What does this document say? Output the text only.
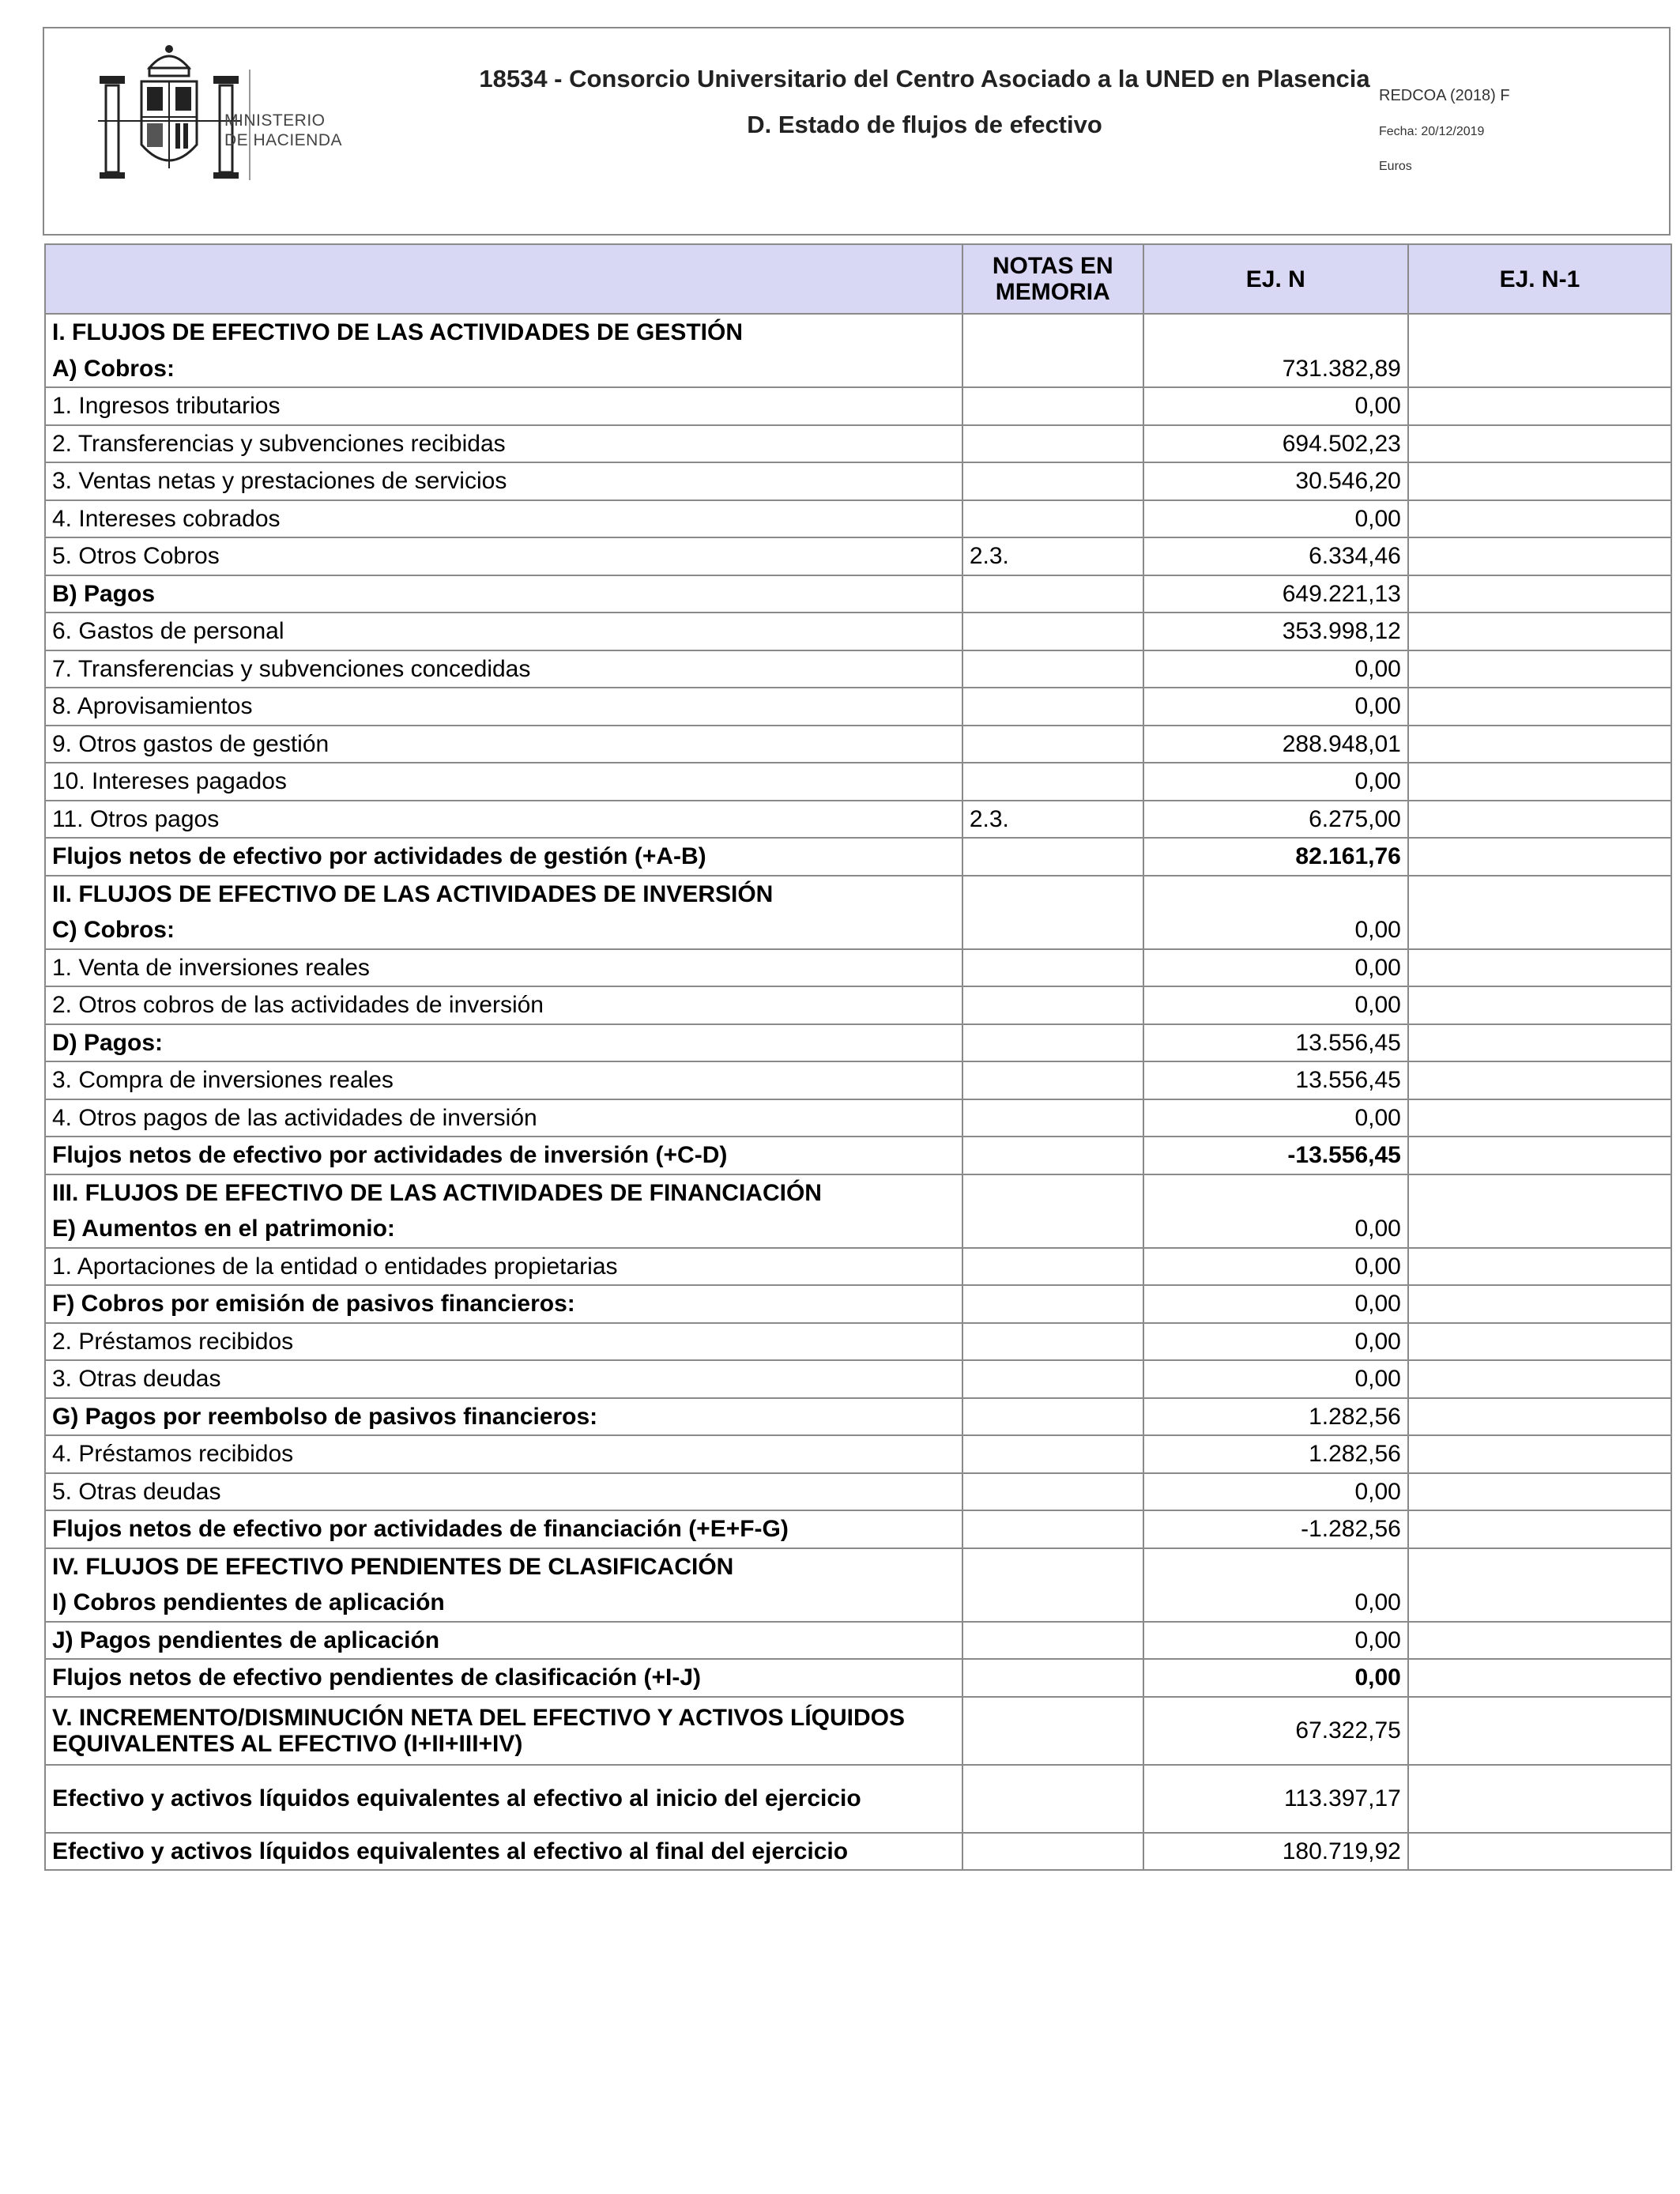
MINISTERIO
DE HACIENDA
18534 - Consorcio Universitario del Centro Asociado a la UNED en Plasencia
D. Estado de flujos de efectivo
REDCOA (2018) F
Fecha: 20/12/2019
Euros
	NOTAS EN MEMORIA	EJ. N	EJ. N-1
I. FLUJOS DE EFECTIVO DE LAS ACTIVIDADES DE GESTIÓN			
A) Cobros:		731.382,89	
1. Ingresos tributarios		0,00	
2. Transferencias y subvenciones recibidas		694.502,23	
3. Ventas netas y prestaciones de servicios		30.546,20	
4. Intereses cobrados		0,00	
5. Otros Cobros	2.3.	6.334,46	
B) Pagos		649.221,13	
6. Gastos de personal		353.998,12	
7. Transferencias y subvenciones concedidas		0,00	
8. Aprovisamientos		0,00	
9. Otros gastos de gestión		288.948,01	
10. Intereses pagados		0,00	
11. Otros pagos	2.3.	6.275,00	
Flujos netos de efectivo por actividades de gestión (+A-B)		82.161,76	
II. FLUJOS DE EFECTIVO DE LAS ACTIVIDADES DE INVERSIÓN			
C) Cobros:		0,00	
1. Venta de inversiones reales		0,00	
2. Otros cobros de las actividades de inversión		0,00	
D) Pagos:		13.556,45	
3. Compra de inversiones reales		13.556,45	
4. Otros pagos de las actividades de inversión		0,00	
Flujos netos de efectivo por actividades de inversión (+C-D)		-13.556,45	
III. FLUJOS DE EFECTIVO DE LAS ACTIVIDADES DE FINANCIACIÓN			
E) Aumentos en el patrimonio:		0,00	
1. Aportaciones de la entidad o entidades propietarias		0,00	
F) Cobros por emisión de pasivos financieros:		0,00	
2. Préstamos recibidos		0,00	
3. Otras deudas		0,00	
G) Pagos por reembolso de pasivos financieros:		1.282,56	
4. Préstamos recibidos		1.282,56	
5. Otras deudas		0,00	
Flujos netos de efectivo por actividades de financiación (+E+F-G)		-1.282,56	
IV. FLUJOS DE EFECTIVO PENDIENTES DE CLASIFICACIÓN			
I) Cobros pendientes de aplicación		0,00	
J) Pagos pendientes de aplicación		0,00	
Flujos netos de efectivo pendientes de clasificación (+I-J)		0,00	
V. INCREMENTO/DISMINUCIÓN NETA DEL EFECTIVO Y ACTIVOS LÍQUIDOS EQUIVALENTES AL EFECTIVO (I+II+III+IV)		67.322,75	
Efectivo y activos líquidos equivalentes al efectivo al inicio del ejercicio		113.397,17	
Efectivo y activos líquidos equivalentes al efectivo al final del ejercicio		180.719,92	
